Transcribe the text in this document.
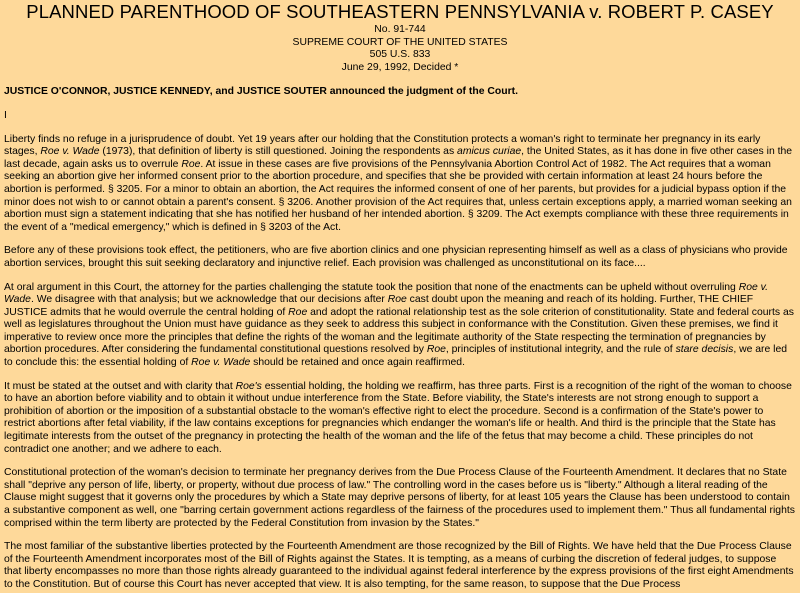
PLANNED PARENTHOOD OF SOUTHEASTERN PENNSYLVANIA v. ROBERT P. CASEY
No. 91-744
SUPREME COURT OF THE UNITED STATES
505 U.S. 833
June 29, 1992, Decided *

JUSTICE O'CONNOR, JUSTICE KENNEDY, and JUSTICE SOUTER announced the judgment of the Court.

I

Liberty finds no refuge in a jurisprudence of doubt. Yet 19 years after our holding that the Constitution protects a woman's right to terminate her pregnancy in its early stages, Roe v. Wade (1973), that definition of liberty is still questioned. Joining the respondents as amicus curiae, the United States, as it has done in five other cases in the last decade, again asks us to overrule Roe. At issue in these cases are five provisions of the Pennsylvania Abortion Control Act of 1982. The Act requires that a woman seeking an abortion give her informed consent prior to the abortion procedure, and specifies that she be provided with certain information at least 24 hours before the abortion is performed. § 3205. For a minor to obtain an abortion, the Act requires the informed consent of one of her parents, but provides for a judicial bypass option if the minor does not wish to or cannot obtain a parent's consent. § 3206. Another provision of the Act requires that, unless certain exceptions apply, a married woman seeking an abortion must sign a statement indicating that she has notified her husband of her intended abortion. § 3209. The Act exempts compliance with these three requirements in the event of a "medical emergency," which is defined in § 3203 of the Act.

Before any of these provisions took effect, the petitioners, who are five abortion clinics and one physician representing himself as well as a class of physicians who provide abortion services, brought this suit seeking declaratory and injunctive relief. Each provision was challenged as unconstitutional on its face....

At oral argument in this Court, the attorney for the parties challenging the statute took the position that none of the enactments can be upheld without overruling Roe v. Wade. We disagree with that analysis; but we acknowledge that our decisions after Roe cast doubt upon the meaning and reach of its holding. Further, THE CHIEF JUSTICE admits that he would overrule the central holding of Roe and adopt the rational relationship test as the sole criterion of constitutionality. State and federal courts as well as legislatures throughout the Union must have guidance as they seek to address this subject in conformance with the Constitution. Given these premises, we find it imperative to review once more the principles that define the rights of the woman and the legitimate authority of the State respecting the termination of pregnancies by abortion procedures. After considering the fundamental constitutional questions resolved by Roe, principles of institutional integrity, and the rule of stare decisis, we are led to conclude this: the essential holding of Roe v. Wade should be retained and once again reaffirmed.

It must be stated at the outset and with clarity that Roe's essential holding, the holding we reaffirm, has three parts. First is a recognition of the right of the woman to choose to have an abortion before viability and to obtain it without undue interference from the State. Before viability, the State's interests are not strong enough to support a prohibition of abortion or the imposition of a substantial obstacle to the woman's effective right to elect the procedure. Second is a confirmation of the State's power to restrict abortions after fetal viability, if the law contains exceptions for pregnancies which endanger the woman's life or health. And third is the principle that the State has legitimate interests from the outset of the pregnancy in protecting the health of the woman and the life of the fetus that may become a child. These principles do not contradict one another; and we adhere to each.

Constitutional protection of the woman's decision to terminate her pregnancy derives from the Due Process Clause of the Fourteenth Amendment. It declares that no State shall "deprive any person of life, liberty, or property, without due process of law." The controlling word in the cases before us is "liberty." Although a literal reading of the Clause might suggest that it governs only the procedures by which a State may deprive persons of liberty, for at least 105 years the Clause has been understood to contain a substantive component as well, one "barring certain government actions regardless of the fairness of the procedures used to implement them." Thus all fundamental rights comprised within the term liberty are protected by the Federal Constitution from invasion by the States."

The most familiar of the substantive liberties protected by the Fourteenth Amendment are those recognized by the Bill of Rights. We have held that the Due Process Clause of the Fourteenth Amendment incorporates most of the Bill of Rights against the States. It is tempting, as a means of curbing the discretion of federal judges, to suppose that liberty encompasses no more than those rights already guaranteed to the individual against federal interference by the express provisions of the first eight Amendments to the Constitution. But of course this Court has never accepted that view. It is also tempting, for the same reason, to suppose that the Due Process
